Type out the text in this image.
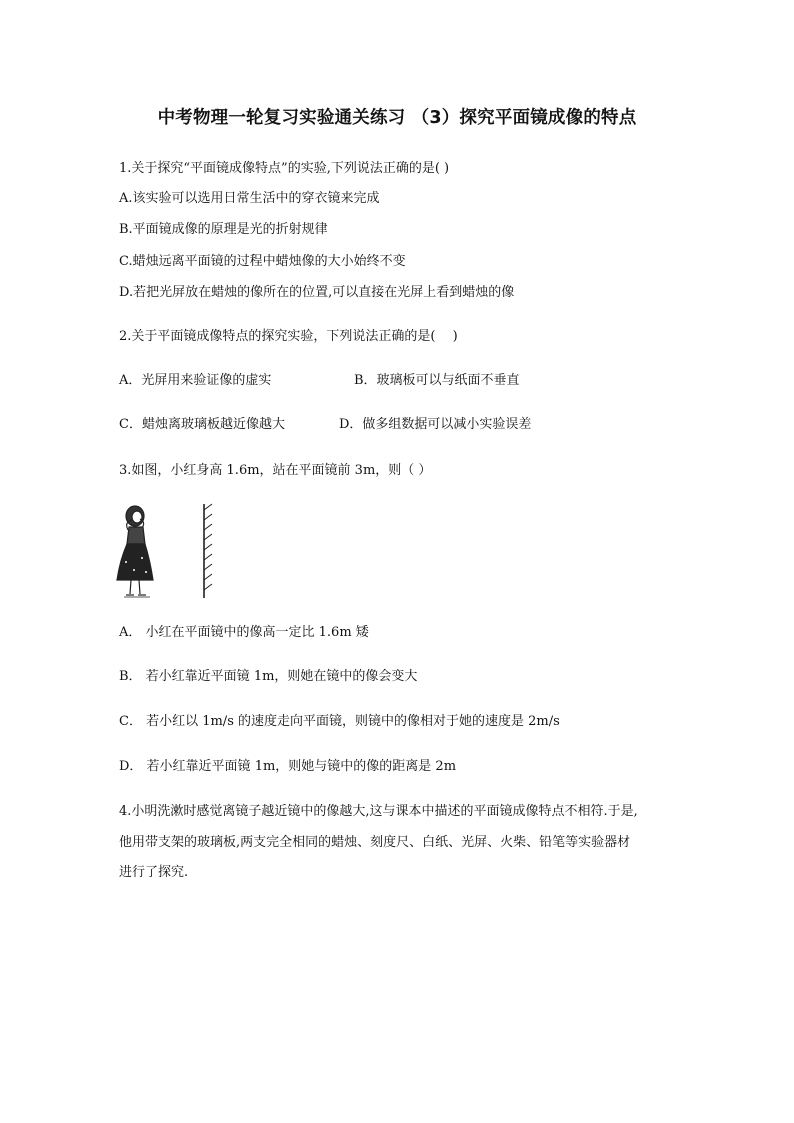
中考物理一轮复习实验通关练习 （3）探究平面镜成像的特点
1.关于探究“平面镜成像特点”的实验,下列说法正确的是( )
A.该实验可以选用日常生活中的穿衣镜来完成
B.平面镜成像的原理是光的折射规律
C.蜡烛远离平面镜的过程中蜡烛像的大小始终不变
D.若把光屏放在蜡烛的像所在的位置,可以直接在光屏上看到蜡烛的像
2.关于平面镜成像特点的探究实验，下列说法正确的是(　 )
A．光屏用来验证像的虚实	B．玻璃板可以与纸面不垂直
C．蜡烛离玻璃板越近像越大	D．做多组数据可以减小实验误差
3.如图，小红身高 1.6m，站在平面镜前 3m，则（ ）
A． 小红在平面镜中的像高一定比 1.6m 矮
B． 若小红靠近平面镜 1m，则她在镜中的像会变大
C． 若小红以 1m/s 的速度走向平面镜，则镜中的像相对于她的速度是 2m/s
D． 若小红靠近平面镜 1m，则她与镜中的像的距离是 2m
4.小明洗漱时感觉离镜子越近镜中的像越大,这与课本中描述的平面镜成像特点不相符.于是,
他用带支架的玻璃板,两支完全相同的蜡烛、刻度尺、白纸、光屏、火柴、铅笔等实验器材
进行了探究.
